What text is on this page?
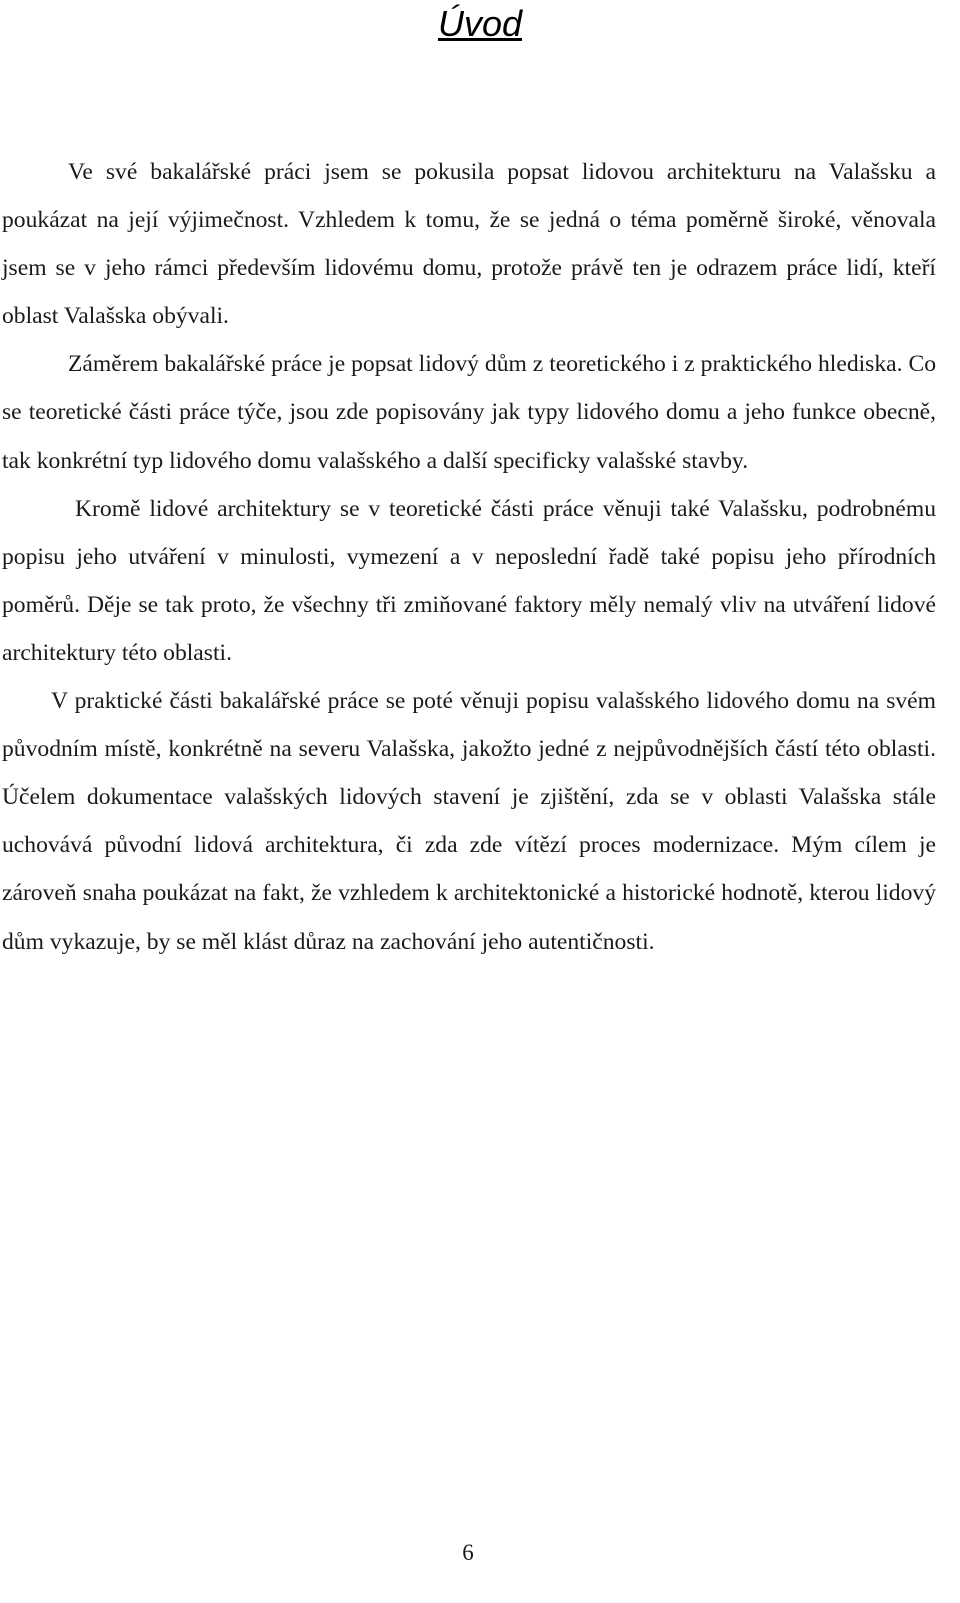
Úvod

Ve své bakalářské práci jsem se pokusila popsat lidovou architekturu na Valašsku a poukázat na její výjimečnost. Vzhledem k tomu, že se jedná o téma poměrně široké, věnovala jsem se v jeho rámci především lidovému domu, protože právě ten je odrazem práce lidí, kteří oblast Valašska obývali.

Záměrem bakalářské práce je popsat lidový dům z teoretického i z praktického hlediska. Co se teoretické části práce týče, jsou zde popisovány jak typy lidového domu a jeho funkce obecně, tak konkrétní typ lidového domu valašského a další specificky valašské stavby.

Kromě lidové architektury se v teoretické části práce věnuji také Valašsku, podrobnému popisu jeho utváření v minulosti, vymezení a v neposlední řadě také popisu jeho přírodních poměrů. Děje se tak proto, že všechny tři zmiňované faktory měly nemalý vliv na utváření lidové architektury této oblasti.

V praktické části bakalářské práce se poté věnuji popisu valašského lidového domu na svém původním místě, konkrétně na severu Valašska, jakožto jedné z nejpůvodnějších částí této oblasti. Účelem dokumentace valašských lidových stavení je zjištění, zda se v oblasti Valašska stále uchovává původní lidová architektura, či zda zde vítězí proces modernizace. Mým cílem je zároveň snaha poukázat na fakt, že vzhledem k architektonické a historické hodnotě, kterou lidový dům vykazuje, by se měl klást důraz na zachování jeho autentičnosti.

6
